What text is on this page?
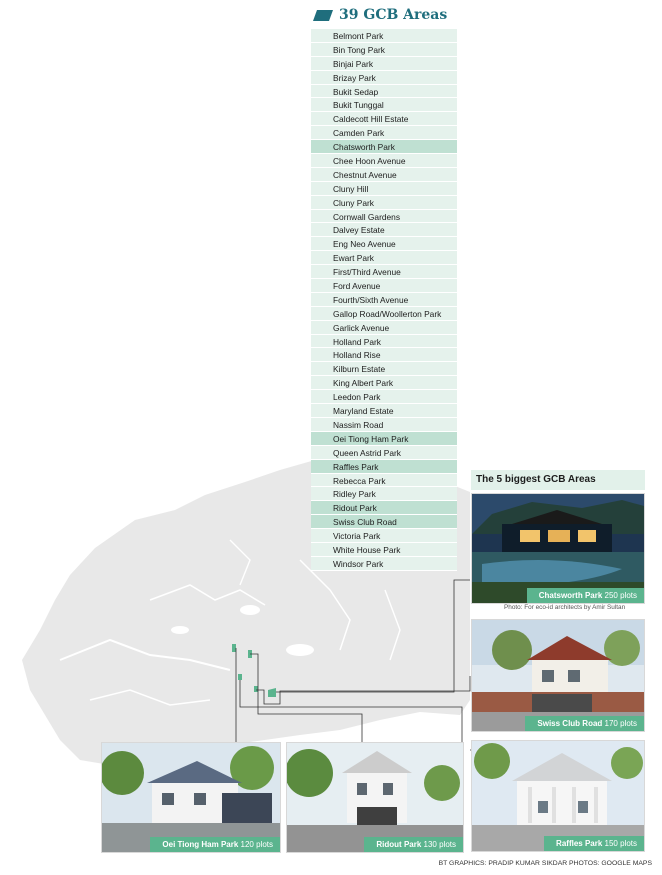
39 GCB Areas
Belmont Park
Bin Tong Park
Binjai Park
Brizay Park
Bukit Sedap
Bukit Tunggal
Caldecott Hill Estate
Camden Park
Chatsworth Park
Chee Hoon Avenue
Chestnut Avenue
Cluny Hill
Cluny Park
Cornwall Gardens
Dalvey Estate
Eng Neo Avenue
Ewart Park
First/Third Avenue
Ford Avenue
Fourth/Sixth Avenue
Gallop Road/Woollerton Park
Garlick Avenue
Holland Park
Holland Rise
Kilburn Estate
King Albert Park
Leedon Park
Maryland Estate
Nassim Road
Oei Tiong Ham Park
Queen Astrid Park
Raffles Park
Rebecca Park
Ridley Park
Ridout Park
Swiss Club Road
Victoria Park
White House Park
Windsor Park
The 5 biggest GCB Areas
Chatsworth Park 250 plots
Photo: For eco-id architects by Amir Sultan
Swiss Club Road 170 plots
Raffles Park 150 plots
Oei Tiong Ham Park 120 plots	Ridout Park 130 plots
BT GRAPHICS: PRADIP KUMAR SIKDAR PHOTOS: GOOGLE MAPS
